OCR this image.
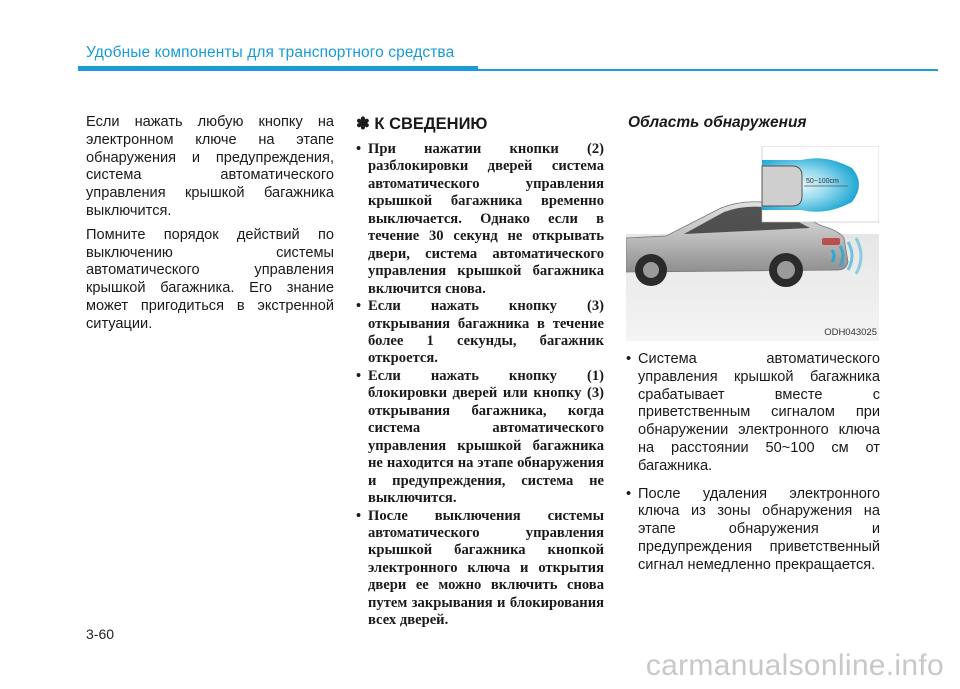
Удобные компоненты для транспортного средства

Если нажать любую кнопку на электронном ключе на этапе обнаружения и предупреждения, система автоматического управления крышкой багажника выключится.

Помните порядок действий по выключению системы автоматического управления крышкой багажника. Его знание может пригодиться в экстренной ситуации.

✽ К СВЕДЕНИЮ
• При нажатии кнопки (2) разблокировки дверей система автоматического управления крышкой багажника временно выключается. Однако если в течение 30 секунд не открывать двери, система автоматического управления крышкой багажника включится снова.
• Если нажать кнопку (3) открывания багажника в течение более 1 секунды, багажник откроется.
• Если нажать кнопку (1) блокировки дверей или кнопку (3) открывания багажника, когда система автоматического управления крышкой багажника не находится на этапе обнаружения и предупреждения, система не выключится.
• После выключения системы автоматического управления крышкой багажника кнопкой электронного ключа и открытия двери ее можно включить снова путем закрывания и блокирования всех дверей.
Область обнаружения
50~100cm
ODH043025
• Система автоматического управления крышкой багажника срабатывает вместе с приветственным сигналом при обнаружении электронного ключа на расстоянии 50~100 см от багажника.
• После удаления электронного ключа из зоны обнаружения на этапе обнаружения и предупреждения приветственный сигнал немедленно прекращается.
3-60
carmanualsonline.info
